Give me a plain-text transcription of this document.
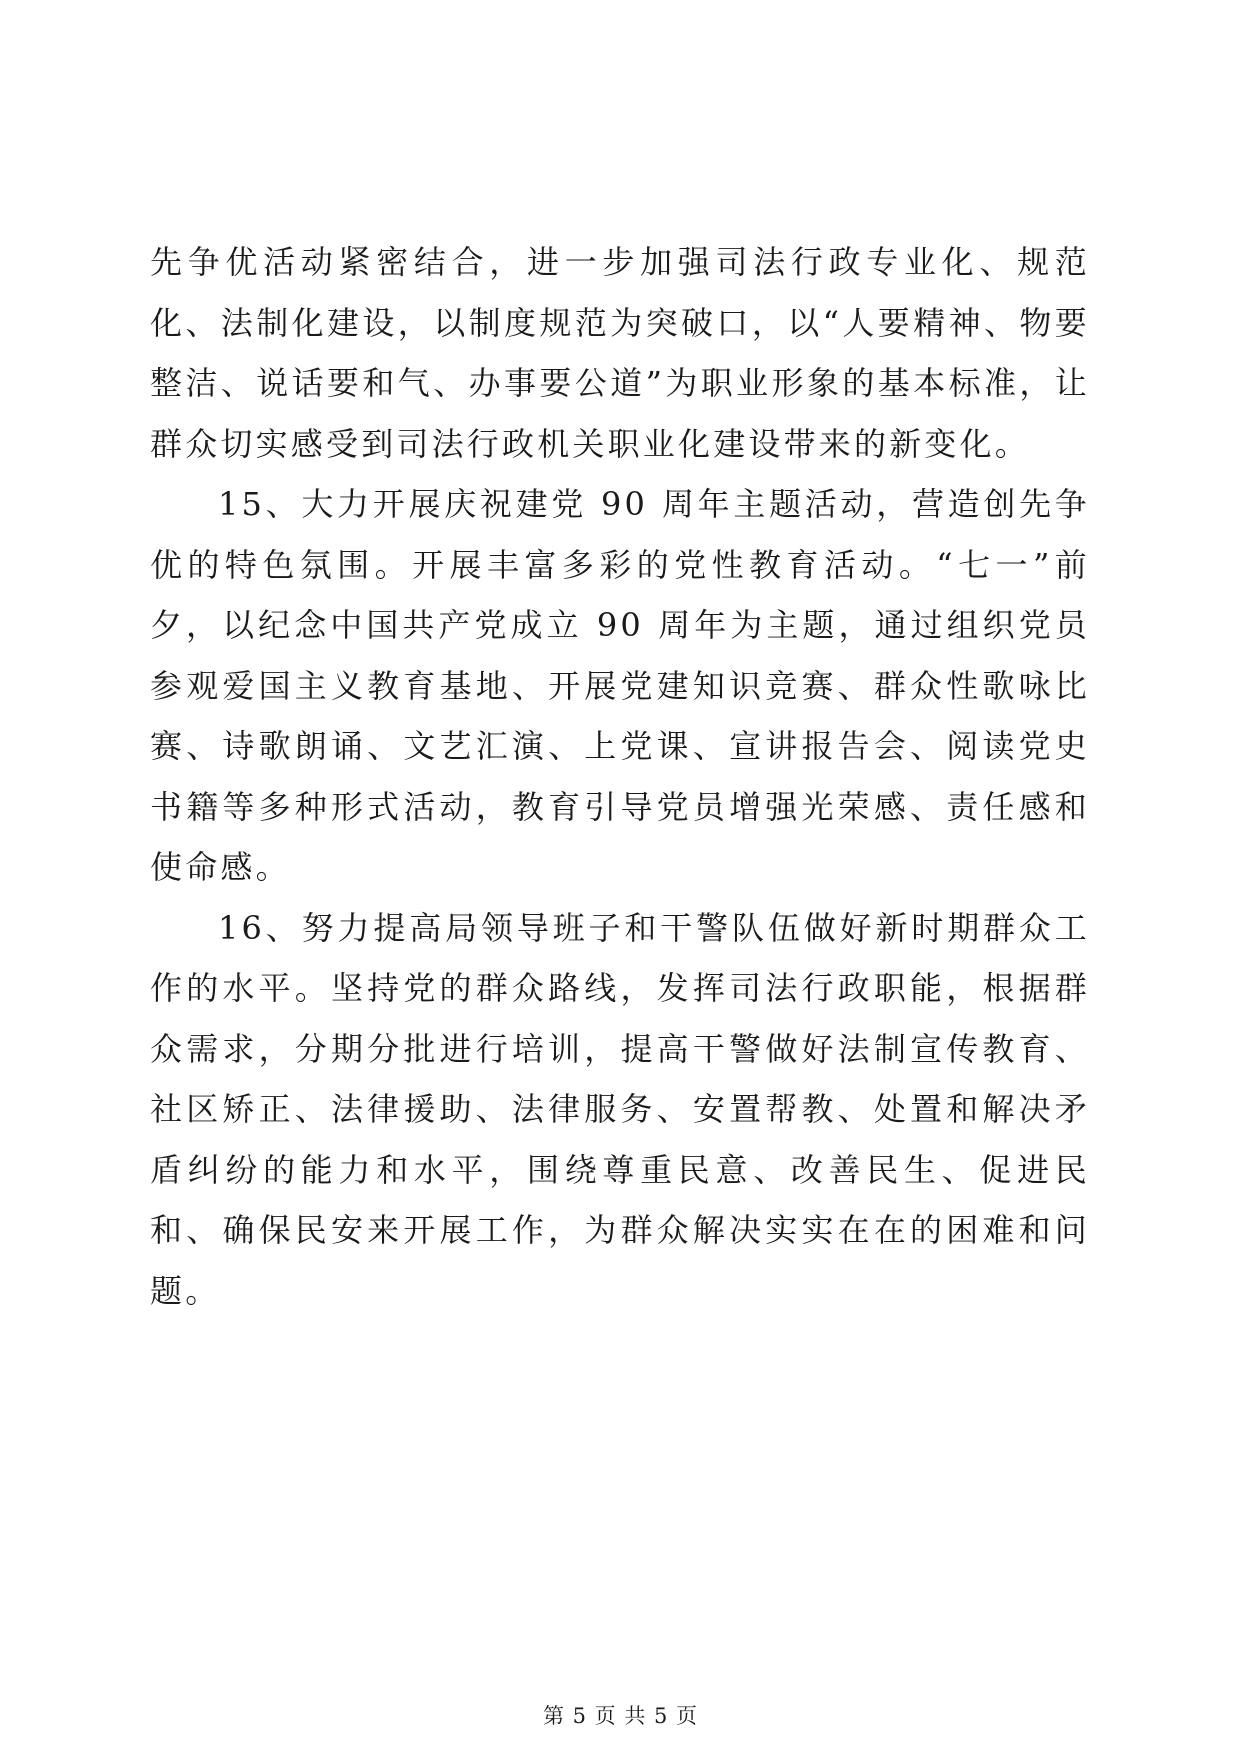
先争优活动紧密结合，进一步加强司法行政专业化、规范化、法制化建设，以制度规范为突破口，以“人要精神、物要整洁、说话要和气、办事要公道”为职业形象的基本标准，让群众切实感受到司法行政机关职业化建设带来的新变化。

15、大力开展庆祝建党 90 周年主题活动，营造创先争优的特色氛围。开展丰富多彩的党性教育活动。“七一”前夕，以纪念中国共产党成立 90 周年为主题，通过组织党员参观爱国主义教育基地、开展党建知识竞赛、群众性歌咏比赛、诗歌朗诵、文艺汇演、上党课、宣讲报告会、阅读党史书籍等多种形式活动，教育引导党员增强光荣感、责任感和使命感。

16、努力提高局领导班子和干警队伍做好新时期群众工作的水平。坚持党的群众路线，发挥司法行政职能，根据群众需求，分期分批进行培训，提高干警做好法制宣传教育、社区矫正、法律援助、法律服务、安置帮教、处置和解决矛盾纠纷的能力和水平，围绕尊重民意、改善民生、促进民和、确保民安来开展工作，为群众解决实实在在的困难和问题。

第 5 页 共 5 页
